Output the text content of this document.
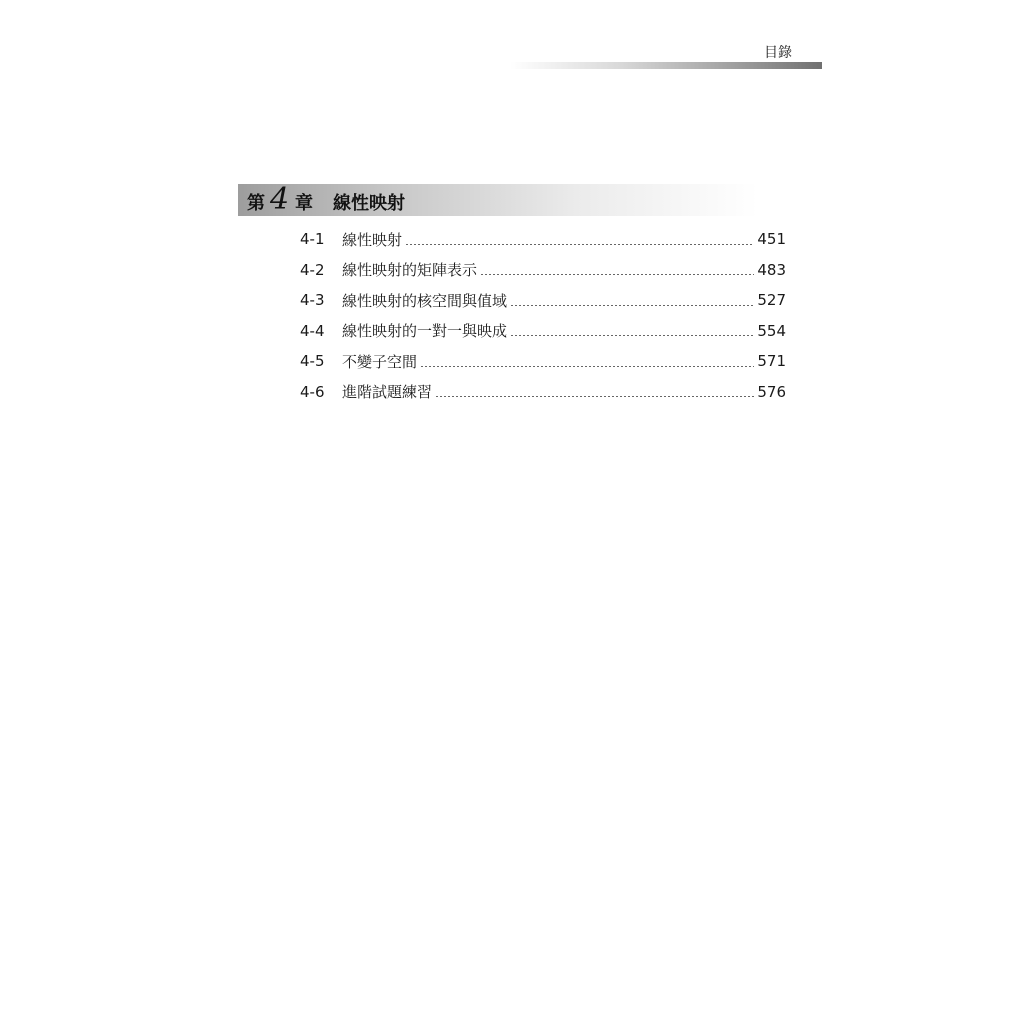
目錄
第 4 章 線性映射
4-1	線性映射	451
4-2	線性映射的矩陣表示	483
4-3	線性映射的核空間與值域	527
4-4	線性映射的一對一與映成	554
4-5	不變子空間	571
4-6	進階試題練習	576
